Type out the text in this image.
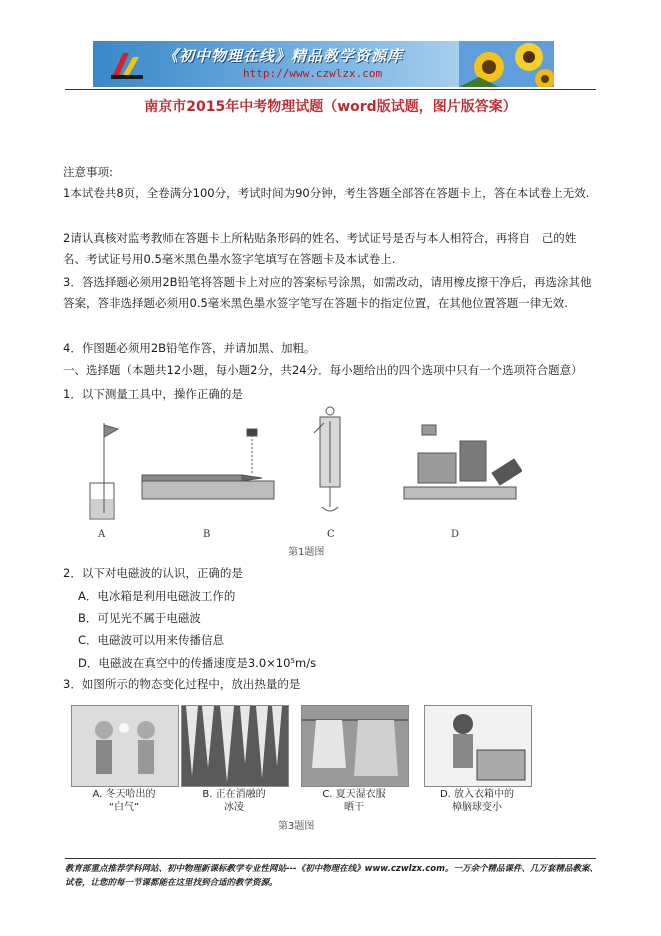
《初中物理在线》精品教学资源库
http://www.czwlzx.com
南京市2015年中考物理试题（word版试题，图片版答案）
注意事项:
1本试卷共8页，全卷满分100分，考试时间为90分钟，考生答题全部答在答题卡上，答在本试卷上无效.
2请认真核对监考教师在答题卡上所粘贴条形码的姓名、考试证号是否与本人相符合，再将自　己的姓名、考试证号用0.5毫米黑色墨水签字笔填写在答题卡及本试卷上.
3．答选择题必须用2B铅笔将答题卡上对应的答案标号涂黑，如需改动，请用橡皮擦干净后，再选涂其他答案，答非选择题必须用0.5毫米黑色墨水签字笔写在答题卡的指定位置，在其他位置答题一律无效.
4．作图题必须用2B铅笔作答，并请加黑、加粗。
一、选择题（本题共12小题，每小题2分，共24分．每小题给出的四个选项中只有一个选项符合题意）
1．以下测量工具中，操作正确的是
A	B	C	D
第1题图
2．以下对电磁波的认识，正确的是
A．电冰箱是利用电磁波工作的
B．可见光不属于电磁波
C．电磁波可以用来传播信息
D．电磁波在真空中的传播速度是3.0×10⁵m/s
3．如图所示的物态变化过程中，放出热量的是
A. 冬天哈出的
“白气”
B. 正在消融的
冰凌
C. 夏天湿衣服
晒干
D. 放入衣箱中的
樟脑球变小
第3题图
教育部重点推荐学科网站、初中物理新课标教学专业性网站---《初中物理在线》www.czwlzx.com。一万余个精品课件、几万套精品教案、试卷，让您的每一节课都能在这里找到合适的教学资源。
